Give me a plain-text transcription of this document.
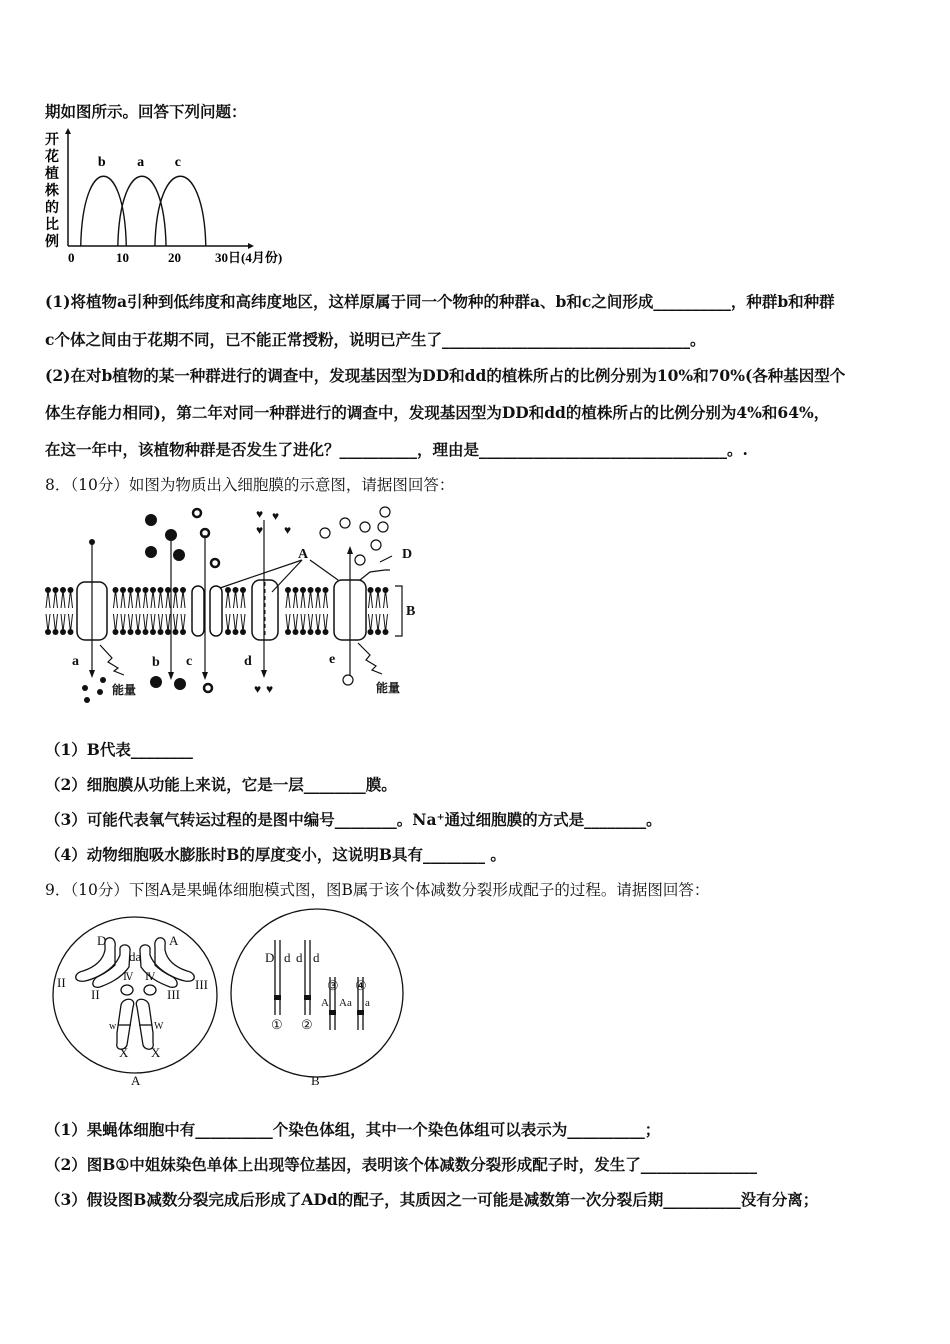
期如图所示。回答下列问题：
开花植株的比例
b a c
0	10	20	30日(4月份)
(1)将植物a引种到低纬度和高纬度地区，这样原属于同一个物种的种群a、b和c之间形成__________，种群b和种群
c个体之间由于花期不同，已不能正常授粉，说明已产生了________________________________。
(2)在对b植物的某一种群进行的调查中，发现基因型为DD和dd的植株所占的比例分别为10%和70%(各种基因型个
体生存能力相同)，第二年对同一种群进行的调查中，发现基因型为DD和dd的植株所占的比例分别为4%和64%，
在这一年中，该植物种群是否发生了进化？__________，理由是________________________________。.
8．（10分）如图为物质出入细胞膜的示意图，请据图回答：
♥ ♥
♥ ♥
♥ ♥
A
B
D
a	b c	d	e
能量	能量
（1）B代表________
（2）细胞膜从功能上来说，它是一层________膜。
（3）可能代表氧气转运过程的是图中编号________。Na⁺通过细胞膜的方式是________。
（4）动物细胞吸水膨胀时B的厚度变小，这说明B具有________ 。
9．（10分）下图A是果蝇体细胞模式图，图B属于该个体减数分裂形成配子的过程。请据图回答：
D
da
A
II
II	III
III
Ⅳ Ⅳ
w	W
X X
A
D d d d
A Aa a
① ②
③ ④
B
（1）果蝇体细胞中有__________个染色体组，其中一个染色体组可以表示为__________；
（2）图B①中姐妹染色单体上出现等位基因，表明该个体减数分裂形成配子时，发生了_______________
（3）假设图B减数分裂完成后形成了ADd的配子，其质因之一可能是减数第一次分裂后期__________没有分离；
